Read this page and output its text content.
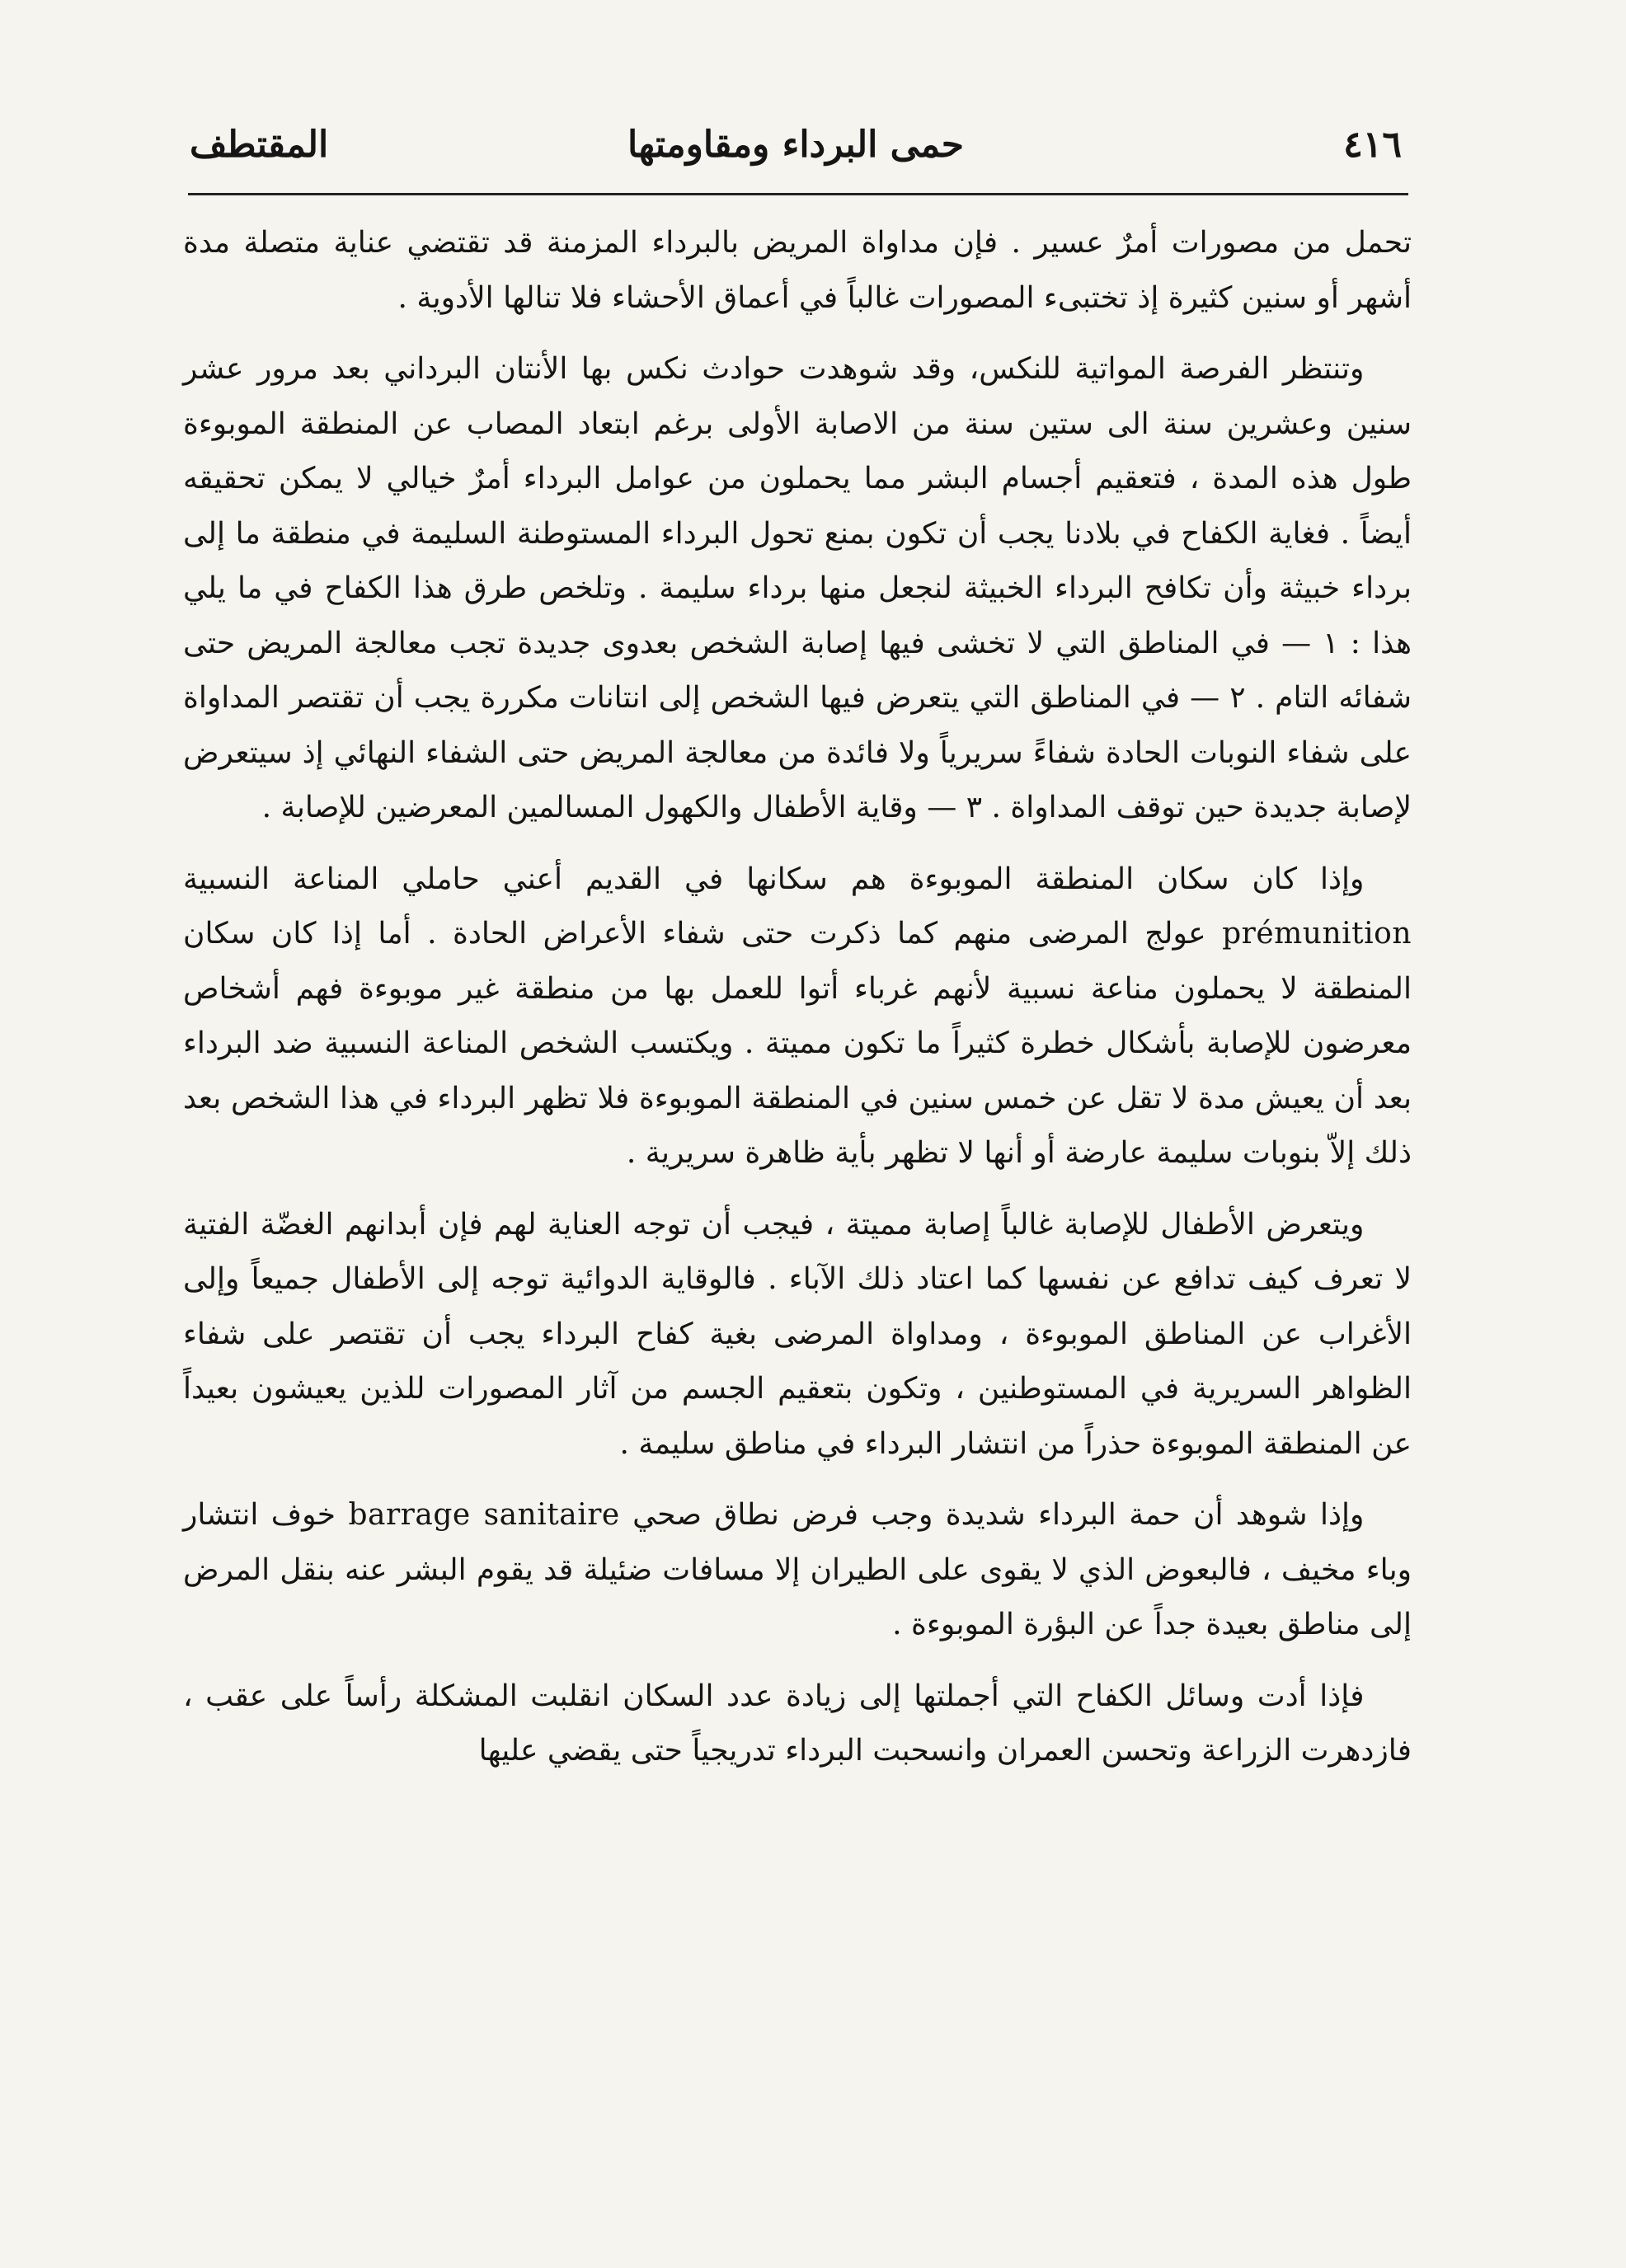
٤١٦
حمى البرداء ومقاومتها
المقتطف

تحمل من مصورات أمرٌ عسير . فإن مداواة المريض بالبرداء المزمنة قد تقتضي عناية متصلة مدة أشهر أو سنين كثيرة إذ تختبىء المصورات غالباً في أعماق الأحشاء فلا تنالها الأدوية .

وتنتظر الفرصة المواتية للنكس، وقد شوهدت حوادث نكس بها الأنتان البرداني بعد مرور عشر سنين وعشرين سنة الى ستين سنة من الاصابة الأولى برغم ابتعاد المصاب عن المنطقة الموبوءة طول هذه المدة ، فتعقيم أجسام البشر مما يحملون من عوامل البرداء أمرٌ خيالي لا يمكن تحقيقه أيضاً . فغاية الكفاح في بلادنا يجب أن تكون بمنع تحول البرداء المستوطنة السليمة في منطقة ما إلى برداء خبيثة وأن تكافح البرداء الخبيثة لنجعل منها برداء سليمة . وتلخص طرق هذا الكفاح في ما يلي هذا : ١ — في المناطق التي لا تخشى فيها إصابة الشخص بعدوى جديدة تجب معالجة المريض حتى شفائه التام . ٢ — في المناطق التي يتعرض فيها الشخص إلى انتانات مكررة يجب أن تقتصر المداواة على شفاء النوبات الحادة شفاءً سريرياً ولا فائدة من معالجة المريض حتى الشفاء النهائي إذ سيتعرض لإصابة جديدة حين توقف المداواة . ٣ — وقاية الأطفال والكهول المسالمين المعرضين للإصابة .

وإذا كان سكان المنطقة الموبوءة هم سكانها في القديم أعني حاملي المناعة النسبية prémunition عولج المرضى منهم كما ذكرت حتى شفاء الأعراض الحادة . أما إذا كان سكان المنطقة لا يحملون مناعة نسبية لأنهم غرباء أتوا للعمل بها من منطقة غير موبوءة فهم أشخاص معرضون للإصابة بأشكال خطرة كثيراً ما تكون مميتة . ويكتسب الشخص المناعة النسبية ضد البرداء بعد أن يعيش مدة لا تقل عن خمس سنين في المنطقة الموبوءة فلا تظهر البرداء في هذا الشخص بعد ذلك إلاّ بنوبات سليمة عارضة أو أنها لا تظهر بأية ظاهرة سريرية .

ويتعرض الأطفال للإصابة غالباً إصابة مميتة ، فيجب أن توجه العناية لهم فإن أبدانهم الغضّة الفتية لا تعرف كيف تدافع عن نفسها كما اعتاد ذلك الآباء . فالوقاية الدوائية توجه إلى الأطفال جميعاً وإلى الأغراب عن المناطق الموبوءة ، ومداواة المرضى بغية كفاح البرداء يجب أن تقتصر على شفاء الظواهر السريرية في المستوطنين ، وتكون بتعقيم الجسم من آثار المصورات للذين يعيشون بعيداً عن المنطقة الموبوءة حذراً من انتشار البرداء في مناطق سليمة .

وإذا شوهد أن حمة البرداء شديدة وجب فرض نطاق صحي barrage sanitaire خوف انتشار وباء مخيف ، فالبعوض الذي لا يقوى على الطيران إلا مسافات ضئيلة قد يقوم البشر عنه بنقل المرض إلى مناطق بعيدة جداً عن البؤرة الموبوءة .

فإذا أدت وسائل الكفاح التي أجملتها إلى زيادة عدد السكان انقلبت المشكلة رأساً على عقب ، فازدهرت الزراعة وتحسن العمران وانسحبت البرداء تدريجياً حتى يقضي عليها
